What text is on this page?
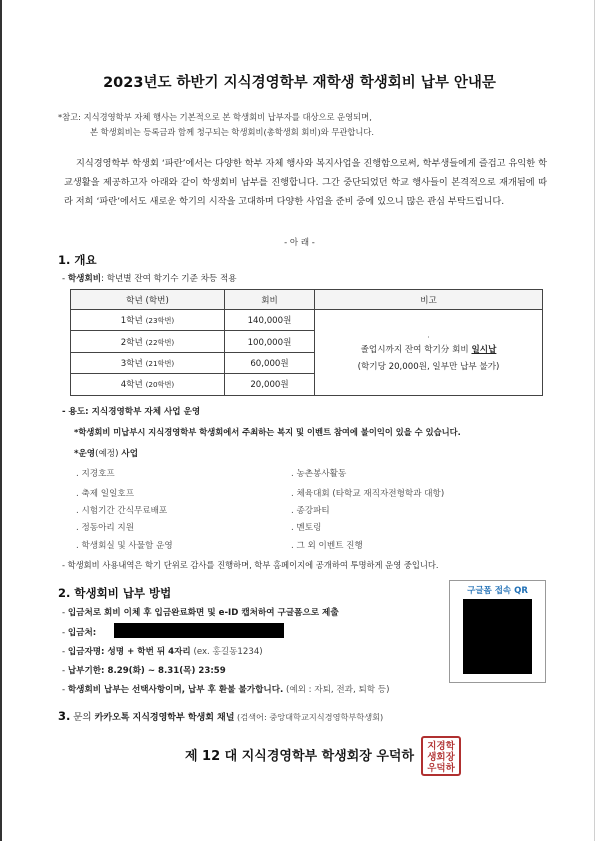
2023년도 하반기 지식경영학부 재학생 학생회비 납부 안내문
*참고: 지식경영학부 자체 행사는 기본적으로 본 학생회비 납부자를 대상으로 운영되며,
본 학생회비는 등록금과 함께 청구되는 학생회비(총학생회 회비)와 무관합니다.
지식경영학부 학생회 ‘파란’에서는 다양한 학부 자체 행사와 복지사업을 진행함으로써, 학부생들에게 즐겁고 유익한 학교생활을 제공하고자 아래와 같이 학생회비 납부를 진행합니다. 그간 중단되었던 학교 행사들이 본격적으로 재개됨에 따라 저희 ‘파란’에서도 새로운 학기의 시작을 고대하며 다양한 사업을 준비 중에 있으니 많은 관심 부탁드립니다.
- 아 래 -
1. 개요
- 학생회비: 학년별 잔여 학기수 기준 차등 적용
학년 (학번)	회비	비고
1학년 (23학번)	140,000원	·
졸업시까지 잔여 학기分 회비 일시납
(학기당 20,000원, 일부만 납부 불가)

2학년 (22학번)	100,000원	
3학년 (21학번)	60,000원	
4학년 (20학번)	20,000원	
- 용도: 지식경영학부 자체 사업 운영
*학생회비 미납부시 지식경영학부 학생회에서 주최하는 복지 및 이벤트 참여에 불이익이 있을 수 있습니다.
*운영(예정) 사업
. 지경호프
. 축제 일일호프
. 시험기간 간식무료배포
. 정동아리 지원
. 학생회실 및 사물함 운영
. 농촌봉사활동
. 체육대회 (타학교 재직자전형학과 대항)
. 종강파티
. 멘토링
. 그 외 이벤트 진행
- 학생회비 사용내역은 학기 단위로 감사를 진행하며, 학부 홈페이지에 공개하여 투명하게 운영 중입니다.
2. 학생회비 납부 방법	구글폼 접속 QR
- 입금처로 회비 이체 후 입금완료화면 및 e-ID 캡처하여 구글폼으로 제출
- 입금처:
- 입금자명: 성명 + 학번 뒤 4자리 (ex. 홍길동1234)
- 납부기한: 8.29(화) ~ 8.31(목) 23:59
- 학생회비 납부는 선택사항이며, 납부 후 환불 불가합니다. (예외 : 자퇴, 전과, 퇴학 등)
3. 문의 카카오톡 지식경영학부 학생회 채널 (검색어: 중앙대학교지식경영학부학생회)
제 12 대 지식경영학부 학생회장 우덕하
지경학
생회장
우덕하
